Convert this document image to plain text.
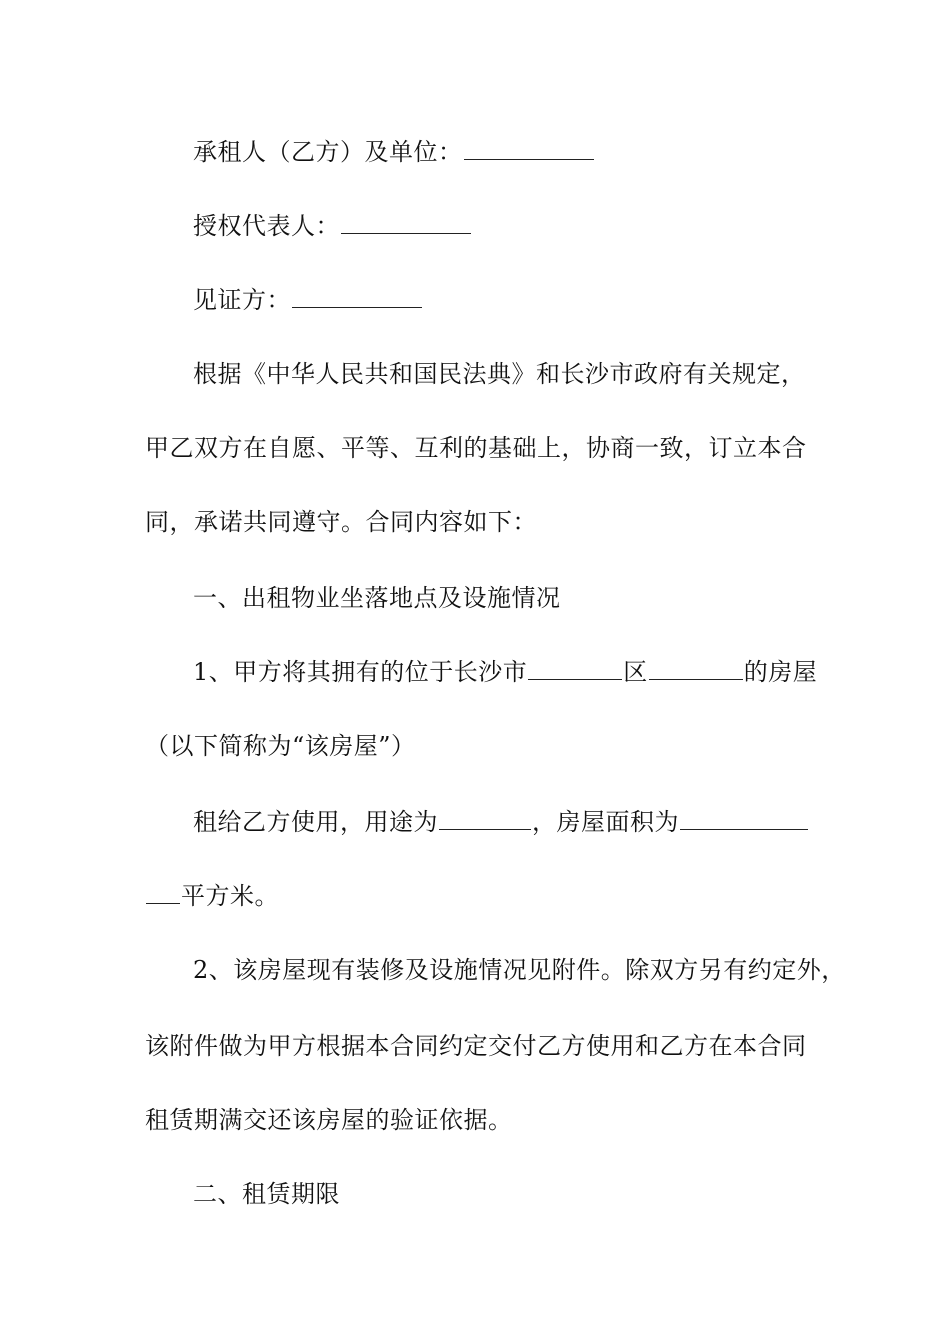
承租人（乙方）及单位：
授权代表人：
见证方：
根据《中华人民共和国民法典》和长沙市政府有关规定，
甲乙双方在自愿、平等、互利的基础上，协商一致，订立本合
同，承诺共同遵守。合同内容如下：
一、出租物业坐落地点及设施情况
1、甲方将其拥有的位于长沙市	区	的房屋
（以下简称为“该房屋”）
租给乙方使用，用途为	，房屋面积为
平方米。
2、该房屋现有装修及设施情况见附件。除双方另有约定外，
该附件做为甲方根据本合同约定交付乙方使用和乙方在本合同
租赁期满交还该房屋的验证依据。
二、租赁期限
